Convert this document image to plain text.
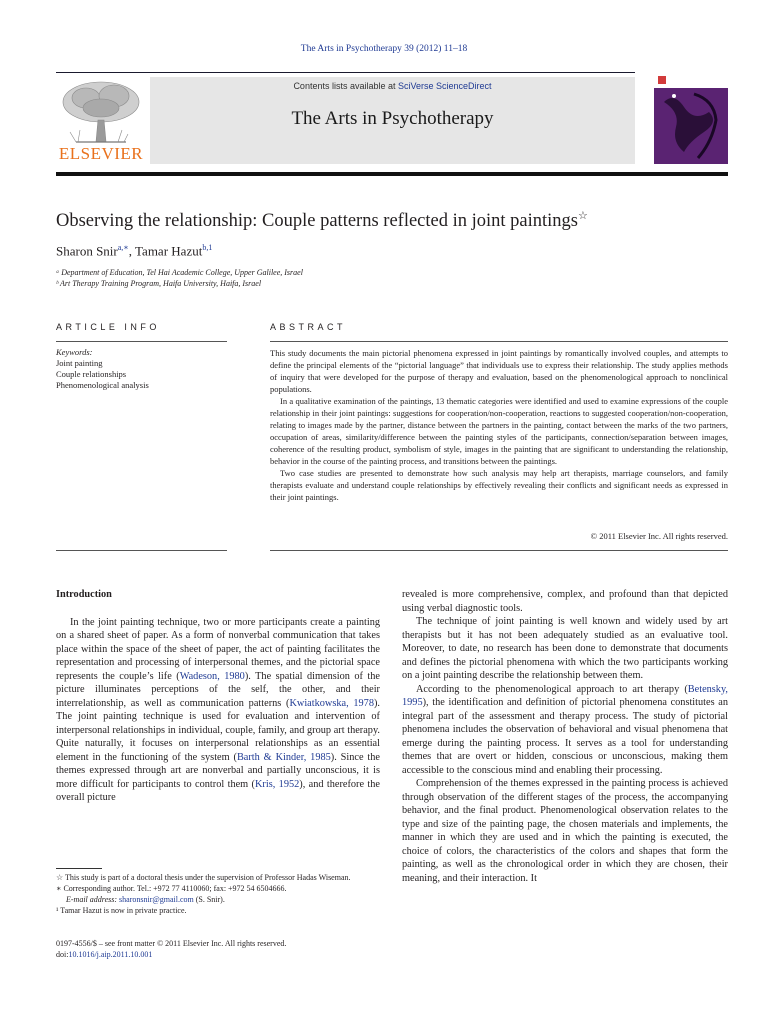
The Arts in Psychotherapy 39 (2012) 11–18
ELSEVIER
Contents lists available at SciVerse ScienceDirect
The Arts in Psychotherapy
Observing the relationship: Couple patterns reflected in joint paintings☆
Sharon Snir$^{a,∗}$, Tamar Hazut$^{b,1}$
ᵃ Department of Education, Tel Hai Academic College, Upper Galilee, Israel
ᵇ Art Therapy Training Program, Haifa University, Haifa, Israel
ARTICLE INFO	ABSTRACT
Keywords:
Joint painting
Couple relationships
Phenomenological analysis

This study documents the main pictorial phenomena expressed in joint paintings by romantically involved couples, and attempts to define the principal elements of the “pictorial language” that individuals use to express their relationship. The study applies methods of inquiry that were developed for the purpose of therapy and evaluation, based on the phenomenological approach to nonclinical populations.

In a qualitative examination of the paintings, 13 thematic categories were identified and used to examine expressions of the couple relationship in their joint paintings: suggestions for cooperation/non-cooperation, reactions to suggested cooperation/non-cooperation, relating to images made by the partner, distance between the partners in the painting, contact between the marks of the two partners, occupation of areas, similarity/difference between the painting styles of the participants, connection/separation between images, coherence of the resulting product, symbolism of style, images in the painting that are significant to understanding the relationship, behavior in the course of the painting process, and transitions between the paintings.

Two case studies are presented to demonstrate how such analysis may help art therapists, marriage counselors, and family therapists evaluate and understand couple relationships by effectively revealing their conflicts and significant needs as expressed in their joint paintings.

© 2011 Elsevier Inc. All rights reserved.
Introduction

In the joint painting technique, two or more participants create a painting on a shared sheet of paper. As a form of nonverbal communication that takes place within the space of the sheet of paper, the act of painting facilitates the representation and processing of interpersonal themes, and the pictorial space represents the couple’s life (Wadeson, 1980). The spatial dimension of the picture illuminates perceptions of the self, the other, and their interrelationship, as well as communication patterns (Kwiatkowska, 1978). The joint painting technique is used for evaluation and intervention of interpersonal relationships in individual, couple, family, and group art therapy. Quite naturally, it focuses on interpersonal relationships as an essential element in the functioning of the system (Barth & Kinder, 1985). Since the themes expressed through art are nonverbal and partially unconscious, it is more difficult for participants to control them (Kris, 1952), and therefore the overall picture

revealed is more comprehensive, complex, and profound than that depicted using verbal diagnostic tools.

The technique of joint painting is well known and widely used by art therapists but it has not been adequately studied as an evaluative tool. Moreover, to date, no research has been done to demonstrate that documents and defines the pictorial phenomena with which the two participants working on a joint painting describe the relationship between them.

According to the phenomenological approach to art therapy (Betensky, 1995), the identification and definition of pictorial phenomena constitutes an integral part of the assessment and therapy process. The study of pictorial phenomena includes the observation of behavioral and visual phenomena that emerge during the painting process. It serves as a tool for understanding themes that are overt or hidden, conscious or unconscious, making them accessible to the conscious mind and enabling their processing.

Comprehension of the themes expressed in the painting process is achieved through observation of the different stages of the process, the accompanying behavior, and the final product. Phenomenological observation relates to the type and size of the painting page, the chosen materials and implements, the manner in which they are used and in which the painting is executed, the choice of colors, the characteristics of the colors and shapes that form the painting, as well as the chronological order in which they are chosen, their meaning, and their interaction. It

☆ This study is part of a doctoral thesis under the supervision of Professor Hadas Wiseman.
∗ Corresponding author. Tel.: +972 77 4110060; fax: +972 54 6504666.
E-mail address: sharonsnir@gmail.com (S. Snir).
¹ Tamar Hazut is now in private practice.
0197-4556/$ – see front matter © 2011 Elsevier Inc. All rights reserved.
doi:10.1016/j.aip.2011.10.001
